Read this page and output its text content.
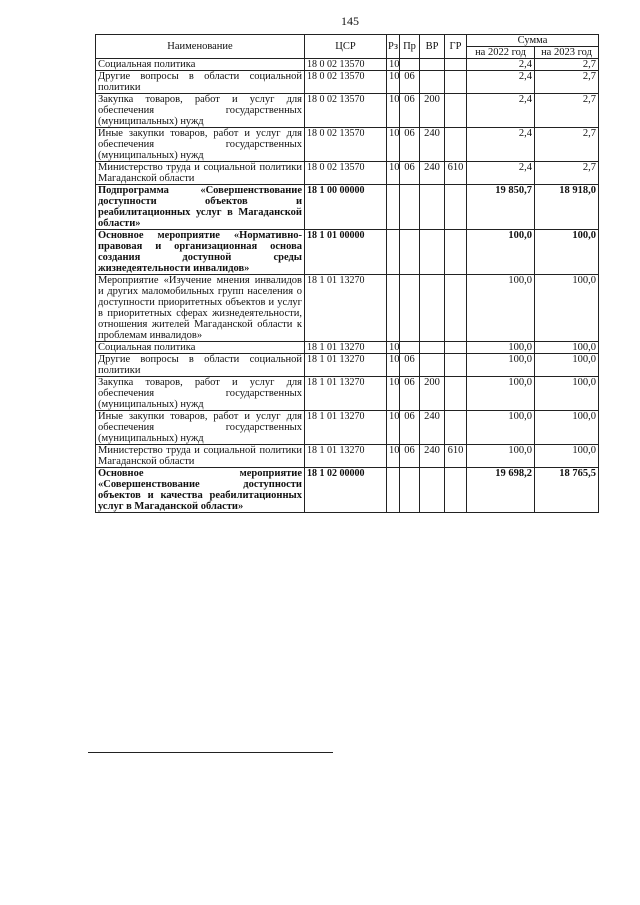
145
Наименование	ЦСР	Рз	Пр	ВР	ГР	Сумма	
						на 2022 год	на 2023 год
Социальная политика	18 0 02 13570	10				2,4	2,7
Другие вопросы в области социальной политики	18 0 02 13570	10	06			2,4	2,7
Закупка товаров, работ и услуг для обеспечения государственных (муниципальных) нужд	18 0 02 13570	10	06	200		2,4	2,7
Иные закупки товаров, работ и услуг для обеспечения государственных (муниципальных) нужд	18 0 02 13570	10	06	240		2,4	2,7
Министерство труда и социальной политики Магаданской области	18 0 02 13570	10	06	240	610	2,4	2,7
Подпрограмма «Совершенствование доступности объектов и реабилитационных услуг в Магаданской области»	18 1 00 00000					19 850,7	18 918,0
Основное мероприятие «Нормативно-правовая и организационная основа создания доступной среды жизнедеятельности инвалидов»	18 1 01 00000					100,0	100,0
Мероприятие «Изучение мнения инвалидов и других маломобильных групп населения о доступности приоритетных объектов и услуг в приоритетных сферах жизнедеятельности, отношения жителей Магаданской области к проблемам инвалидов»	18 1 01 13270					100,0	100,0
Социальная политика	18 1 01 13270	10				100,0	100,0
Другие вопросы в области социальной политики	18 1 01 13270	10	06			100,0	100,0
Закупка товаров, работ и услуг для обеспечения государственных (муниципальных) нужд	18 1 01 13270	10	06	200		100,0	100,0
Иные закупки товаров, работ и услуг для обеспечения государственных (муниципальных) нужд	18 1 01 13270	10	06	240		100,0	100,0
Министерство труда и социальной политики Магаданской области	18 1 01 13270	10	06	240	610	100,0	100,0
Основное мероприятие «Совершенствование доступности объектов и качества реабилитационных услуг в Магаданской области»	18 1 02 00000					19 698,2	18 765,5
